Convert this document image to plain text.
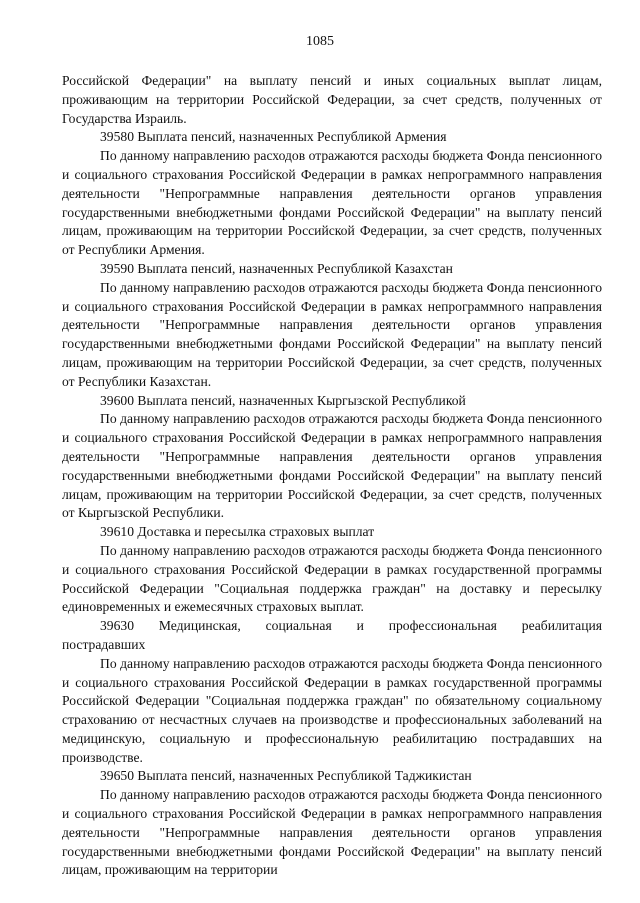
1085

Российской Федерации" на выплату пенсий и иных социальных выплат лицам, проживающим на территории Российской Федерации, за счет средств, полученных от Государства Израиль.

39580 Выплата пенсий, назначенных Республикой Армения

По данному направлению расходов отражаются расходы бюджета Фонда пенсионного и социального страхования Российской Федерации в рамках непрограммного направления деятельности "Непрограммные направления деятельности органов управления государственными внебюджетными фондами Российской Федерации" на выплату пенсий лицам, проживающим на территории Российской Федерации, за счет средств, полученных от Республики Армения.

39590 Выплата пенсий, назначенных Республикой Казахстан

По данному направлению расходов отражаются расходы бюджета Фонда пенсионного и социального страхования Российской Федерации в рамках непрограммного направления деятельности "Непрограммные направления деятельности органов управления государственными внебюджетными фондами Российской Федерации" на выплату пенсий лицам, проживающим на территории Российской Федерации, за счет средств, полученных от Республики Казахстан.

39600 Выплата пенсий, назначенных Кыргызской Республикой

По данному направлению расходов отражаются расходы бюджета Фонда пенсионного и социального страхования Российской Федерации в рамках непрограммного направления деятельности "Непрограммные направления деятельности органов управления государственными внебюджетными фондами Российской Федерации" на выплату пенсий лицам, проживающим на территории Российской Федерации, за счет средств, полученных от Кыргызской Республики.

39610 Доставка и пересылка страховых выплат

По данному направлению расходов отражаются расходы бюджета Фонда пенсионного и социального страхования Российской Федерации в рамках государственной программы Российской Федерации "Социальная поддержка граждан" на доставку и пересылку единовременных и ежемесячных страховых выплат.

39630 Медицинская, социальная и профессиональная реабилитация пострадавших

По данному направлению расходов отражаются расходы бюджета Фонда пенсионного и социального страхования Российской Федерации в рамках государственной программы Российской Федерации "Социальная поддержка граждан" по обязательному социальному страхованию от несчастных случаев на производстве и профессиональных заболеваний на медицинскую, социальную и профессиональную реабилитацию пострадавших на производстве.

39650 Выплата пенсий, назначенных Республикой Таджикистан

По данному направлению расходов отражаются расходы бюджета Фонда пенсионного и социального страхования Российской Федерации в рамках непрограммного направления деятельности "Непрограммные направления деятельности органов управления государственными внебюджетными фондами Российской Федерации" на выплату пенсий лицам, проживающим на территории
